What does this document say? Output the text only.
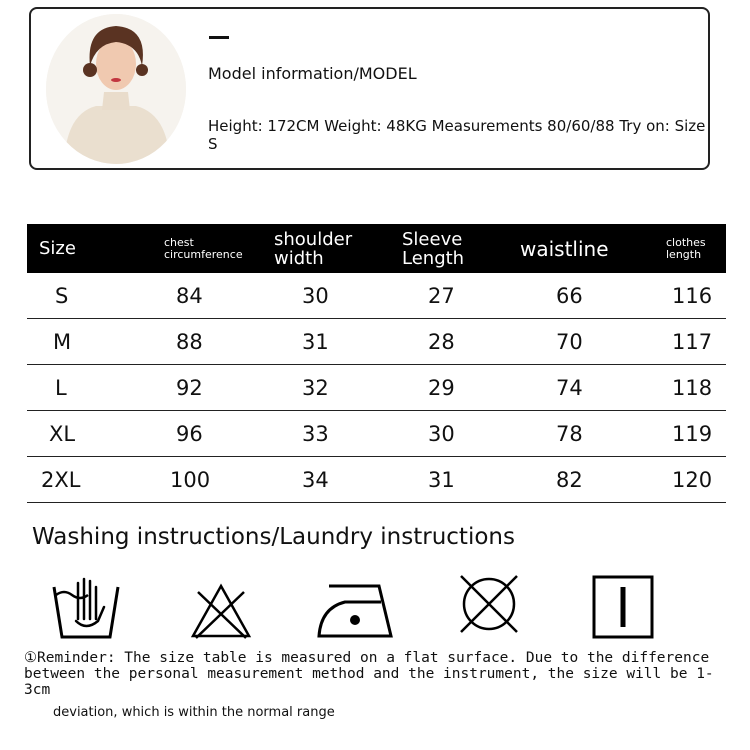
Model information/MODEL
Height: 172CM Weight: 48KG Measurements 80/60/88 Try on: Size S
Size	chest circumference	shoulder width	Sleeve Length	waistline	clothes length
S	84	30	27	66	116
M	88	31	28	70	117
L	92	32	29	74	118
XL	96	33	30	78	119
2XL	100	34	31	82	120
Washing instructions/Laundry instructions
①Reminder: The size table is measured on a flat surface. Due to the difference between the personal measurement method and the instrument, the size will be 1-3cm
deviation, which is within the normal range
